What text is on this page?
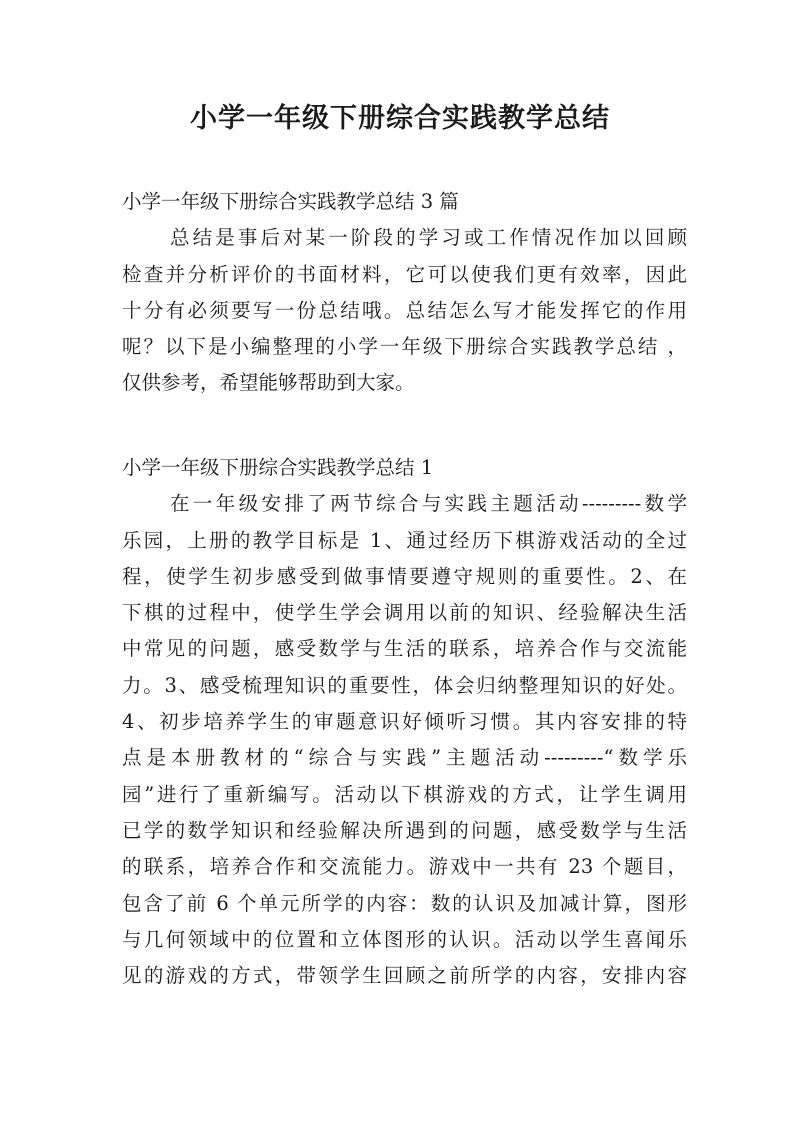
小学一年级下册综合实践教学总结
小学一年级下册综合实践教学总结 3 篇
总结是事后对某一阶段的学习或工作情况作加以回顾
检查并分析评价的书面材料，它可以使我们更有效率，因此
十分有必须要写一份总结哦。总结怎么写才能发挥它的作用
呢？以下是小编整理的小学一年级下册综合实践教学总结 ，
仅供参考，希望能够帮助到大家。
小学一年级下册综合实践教学总结 1
在一年级安排了两节综合与实践主题活动---------数学
乐园，上册的教学目标是 1、通过经历下棋游戏活动的全过
程，使学生初步感受到做事情要遵守规则的重要性。2、在
下棋的过程中，使学生学会调用以前的知识、经验解决生活
中常见的问题，感受数学与生活的联系，培养合作与交流能
力。3、感受梳理知识的重要性，体会归纳整理知识的好处。
4、初步培养学生的审题意识好倾听习惯。其内容安排的特
点是本册教材的“综合与实践”主题活动---------“数学乐
园”进行了重新编写。活动以下棋游戏的方式，让学生调用
已学的数学知识和经验解决所遇到的问题，感受数学与生活
的联系，培养合作和交流能力。游戏中一共有 23 个题目，
包含了前 6 个单元所学的内容：数的认识及加减计算，图形
与几何领域中的位置和立体图形的认识。活动以学生喜闻乐
见的游戏的方式，带领学生回顾之前所学的内容，安排内容
